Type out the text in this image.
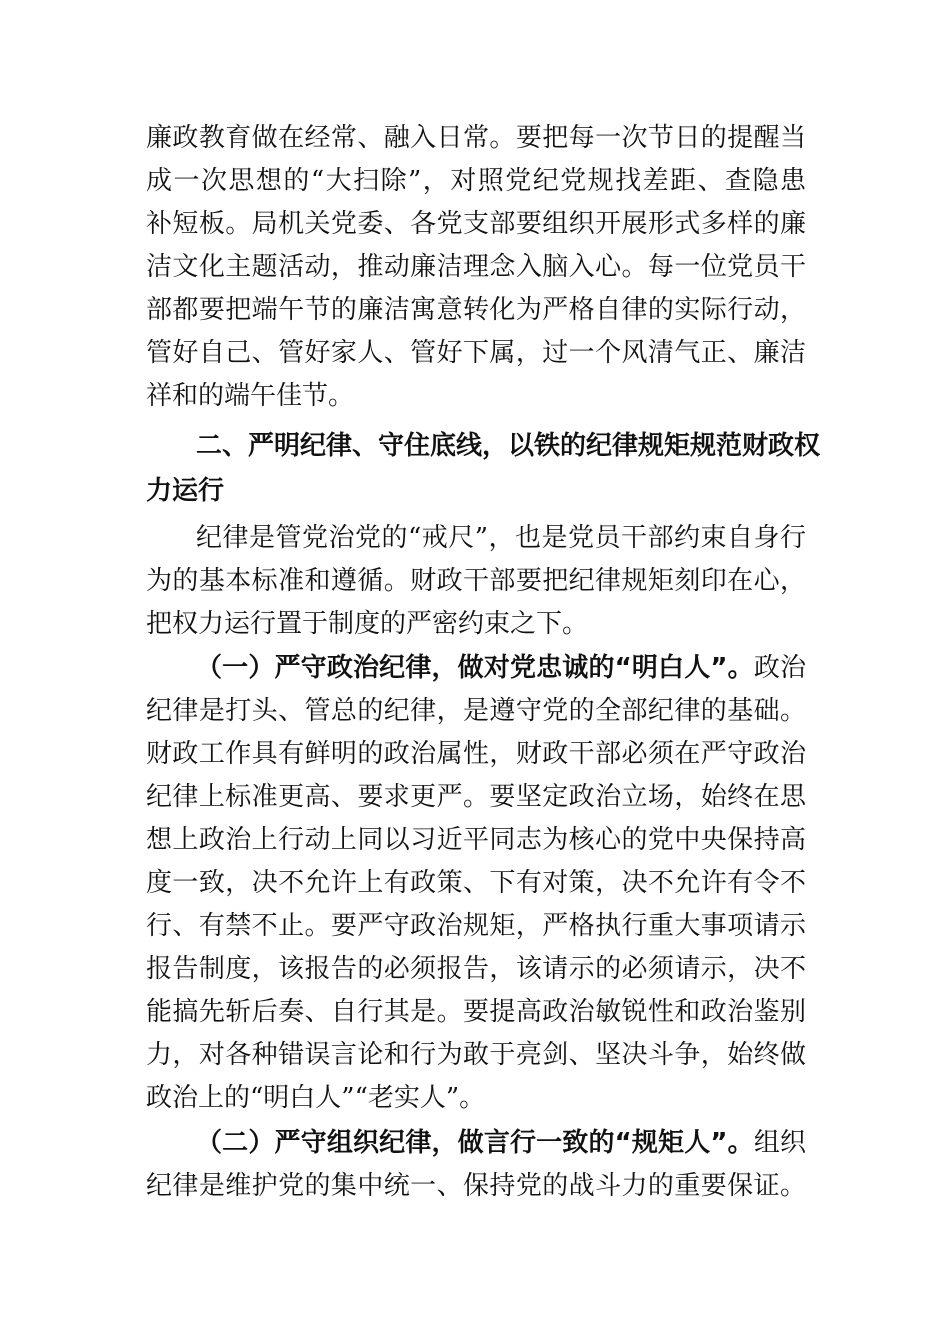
廉政教育做在经常、融入日常。要把每一次节日的提醒当
成一次思想的“大扫除”，对照党纪党规找差距、查隐患
补短板。局机关党委、各党支部要组织开展形式多样的廉
洁文化主题活动，推动廉洁理念入脑入心。每一位党员干
部都要把端午节的廉洁寓意转化为严格自律的实际行动，
管好自己、管好家人、管好下属，过一个风清气正、廉洁
祥和的端午佳节。
二、严明纪律、守住底线，以铁的纪律规矩规范财政权
力运行
纪律是管党治党的“戒尺”，也是党员干部约束自身行
为的基本标准和遵循。财政干部要把纪律规矩刻印在心，
把权力运行置于制度的严密约束之下。
（一）严守政治纪律，做对党忠诚的“明白人”。政治
纪律是打头、管总的纪律，是遵守党的全部纪律的基础。
财政工作具有鲜明的政治属性，财政干部必须在严守政治
纪律上标准更高、要求更严。要坚定政治立场，始终在思
想上政治上行动上同以习近平同志为核心的党中央保持高
度一致，决不允许上有政策、下有对策，决不允许有令不
行、有禁不止。要严守政治规矩，严格执行重大事项请示
报告制度，该报告的必须报告，该请示的必须请示，决不
能搞先斩后奏、自行其是。要提高政治敏锐性和政治鉴别
力，对各种错误言论和行为敢于亮剑、坚决斗争，始终做
政治上的“明白人”“老实人”。
（二）严守组织纪律，做言行一致的“规矩人”。组织
纪律是维护党的集中统一、保持党的战斗力的重要保证。
